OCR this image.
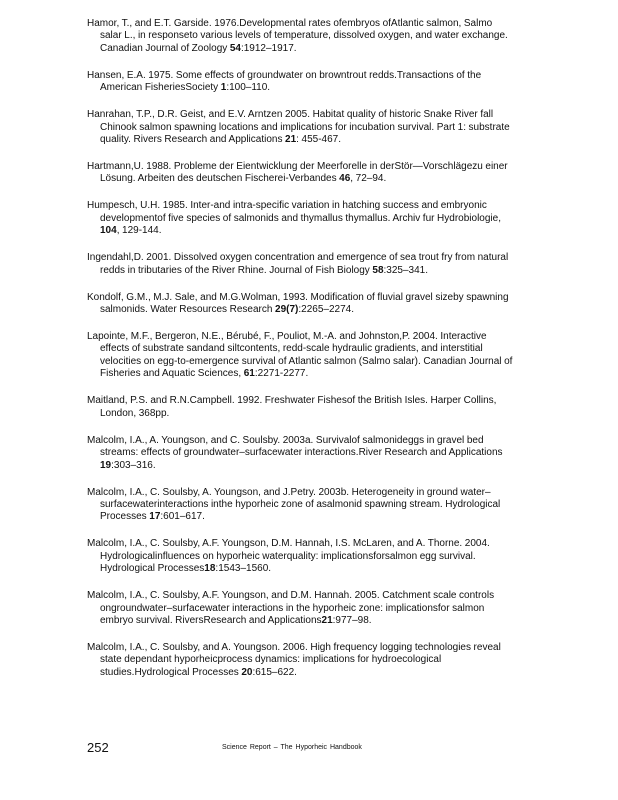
Hamor, T., and E.T. Garside. 1976.Developmental rates ofembryos ofAtlantic salmon, Salmo salar L., in responseto various levels of temperature, dissolved oxygen, and water exchange. Canadian Journal of Zoology 54:1912–1917.

Hansen, E.A. 1975. Some effects of groundwater on browntrout redds.Transactions of the American FisheriesSociety 1:100–110.

Hanrahan, T.P., D.R. Geist, and E.V. Arntzen 2005. Habitat quality of historic Snake River fall Chinook salmon spawning locations and implications for incubation survival. Part 1: substrate quality. Rivers Research and Applications 21: 455-467.

Hartmann,U. 1988. Probleme der Eientwicklung der Meerforelle in derStör—Vorschlägezu einer Lösung. Arbeiten des deutschen Fischerei-Verbandes 46, 72–94.

Humpesch, U.H. 1985. Inter-and intra-specific variation in hatching success and embryonic developmentof five species of salmonids and thymallus thymallus. Archiv fur Hydrobiologie, 104, 129-144.

Ingendahl,D. 2001. Dissolved oxygen concentration and emergence of sea trout fry from natural redds in tributaries of the River Rhine. Journal of Fish Biology 58:325–341.

Kondolf, G.M., M.J. Sale, and M.G.Wolman, 1993. Modification of fluvial gravel sizeby spawning salmonids. Water Resources Research 29(7):2265–2274.

Lapointe, M.F., Bergeron, N.E., Bérubé, F., Pouliot, M.-A. and Johnston,P. 2004. Interactive effects of substrate sandand siltcontents, redd-scale hydraulic gradients, and interstitial velocities on egg-to-emergence survival of Atlantic salmon (Salmo salar). Canadian Journal of Fisheries and Aquatic Sciences, 61:2271-2277.

Maitland, P.S. and R.N.Campbell. 1992. Freshwater Fishesof the British Isles. Harper Collins, London, 368pp.

Malcolm, I.A., A. Youngson, and C. Soulsby. 2003a. Survivalof salmonideggs in gravel bed streams: effects of groundwater–surfacewater interactions.River Research and Applications 19:303–316.

Malcolm, I.A., C. Soulsby, A. Youngson, and J.Petry. 2003b. Heterogeneity in ground water–surfacewaterinteractions inthe hyporheic zone of asalmonid spawning stream. Hydrological Processes 17:601–617.

Malcolm, I.A., C. Soulsby, A.F. Youngson, D.M. Hannah, I.S. McLaren, and A. Thorne. 2004. Hydrologicalinfluences on hyporheic waterquality: implicationsforsalmon egg survival. Hydrological Processes18:1543–1560.

Malcolm, I.A., C. Soulsby, A.F. Youngson, and D.M. Hannah. 2005. Catchment scale controls ongroundwater–surfacewater interactions in the hyporheic zone: implicationsfor salmon embryo survival. RiversResearch and Applications21:977–98.

Malcolm, I.A., C. Soulsby, and A. Youngson. 2006. High frequency logging technologies reveal state dependant hyporheicprocess dynamics: implications for hydroecological studies.Hydrological Processes 20:615–622.

252	Science Report – The Hyporheic Handbook
